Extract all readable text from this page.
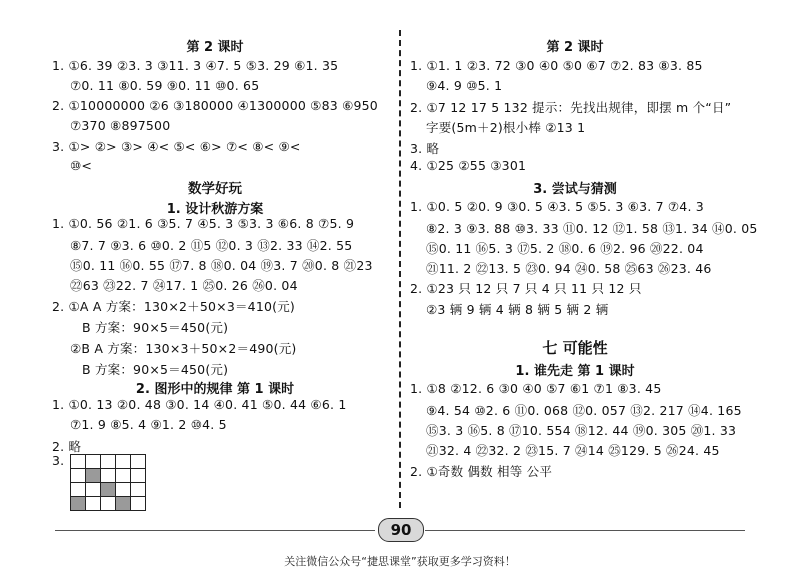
第 2 课时
1. ①6. 39 ②3. 3 ③11. 3 ④7. 5 ⑤3. 29 ⑥1. 35
⑦0. 11 ⑧0. 59 ⑨0. 11 ⑩0. 65
2. ①10000000 ②6 ③180000 ④1300000 ⑤83 ⑥950
⑦370 ⑧897500
3. ①> ②> ③> ④< ⑤< ⑥> ⑦< ⑧< ⑨<
⑩<
数学好玩
1. 设计秋游方案
1. ①0. 56 ②1. 6 ③5. 7 ④5. 3 ⑤3. 3 ⑥6. 8 ⑦5. 9
⑧7. 7 ⑨3. 6 ⑩0. 2 ⑪5 ⑫0. 3 ⑬2. 33 ⑭2. 55
⑮0. 11 ⑯0. 55 ⑰7. 8 ⑱0. 04 ⑲3. 7 ⑳0. 8 ㉑23
㉒63 ㉓22. 7 ㉔17. 1 ㉕0. 26 ㉖0. 04
2. ①A A 方案：130×2＋50×3＝410(元)
B 方案：90×5＝450(元)
②B A 方案：130×3＋50×2＝490(元)
B 方案：90×5＝450(元)
2. 图形中的规律 第 1 课时
1. ①0. 13 ②0. 48 ③0. 14 ④0. 41 ⑤0. 44 ⑥6. 1
⑦1. 9 ⑧5. 4 ⑨1. 2 ⑩4. 5
2. 略
3.
第 2 课时
1. ①1. 1 ②3. 72 ③0 ④0 ⑤0 ⑥7 ⑦2. 83 ⑧3. 85
⑨4. 9 ⑩5. 1
2. ①7 12 17 5 132 提示：先找出规律，即摆 m 个“日”
字要(5m＋2)根小棒 ②13 1
3. 略
4. ①25 ②55 ③301
3. 尝试与猜测
1. ①0. 5 ②0. 9 ③0. 5 ④3. 5 ⑤5. 3 ⑥3. 7 ⑦4. 3
⑧2. 3 ⑨3. 88 ⑩3. 33 ⑪0. 12 ⑫1. 58 ⑬1. 34 ⑭0. 05
⑮0. 11 ⑯5. 3 ⑰5. 2 ⑱0. 6 ⑲2. 96 ⑳22. 04
㉑11. 2 ㉒13. 5 ㉓0. 94 ㉔0. 58 ㉕63 ㉖23. 46
2. ①23 只 12 只 7 只 4 只 11 只 12 只
②3 辆 9 辆 4 辆 8 辆 5 辆 2 辆
七 可能性
1. 谁先走 第 1 课时
1. ①8 ②12. 6 ③0 ④0 ⑤7 ⑥1 ⑦1 ⑧3. 45
⑨4. 54 ⑩2. 6 ⑪0. 068 ⑫0. 057 ⑬2. 217 ⑭4. 165
⑮3. 3 ⑯5. 8 ⑰10. 554 ⑱12. 44 ⑲0. 305 ⑳1. 33
㉑32. 4 ㉒32. 2 ㉓15. 7 ㉔14 ㉕129. 5 ㉖24. 45
2. ①奇数 偶数 相等 公平
90
关注微信公众号“捷思课堂”获取更多学习资料！
